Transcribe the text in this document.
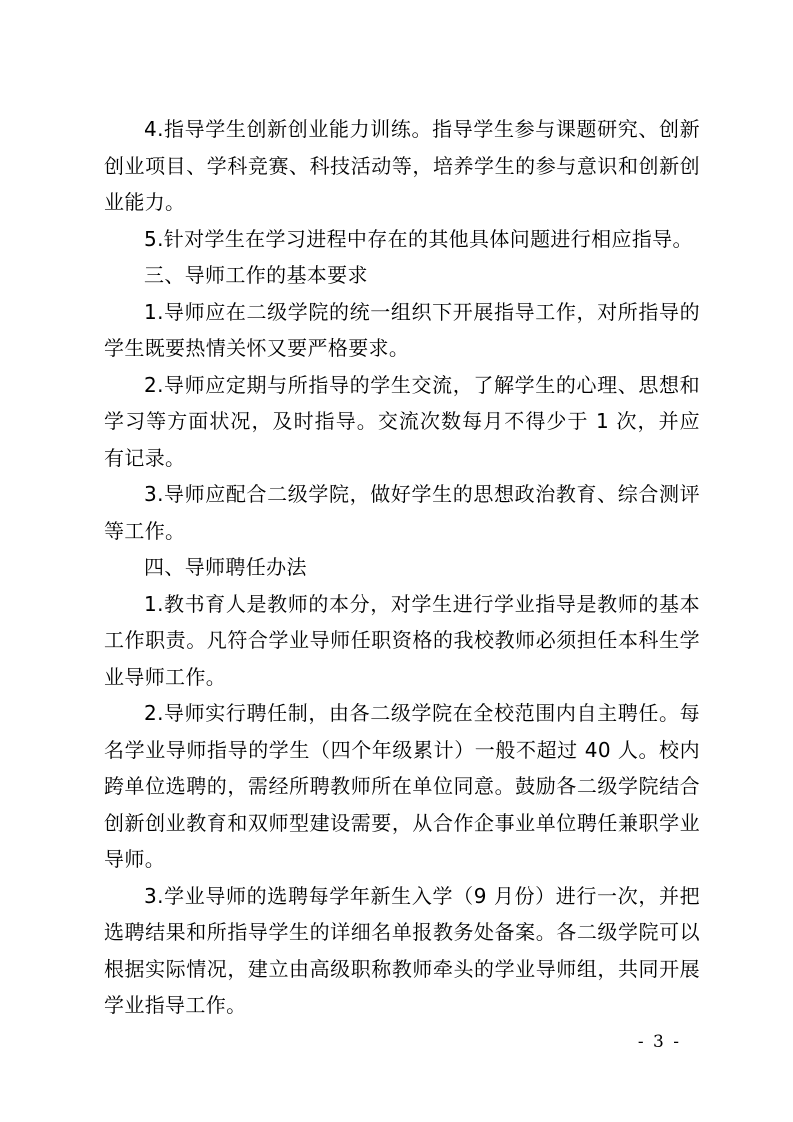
4.指导学生创新创业能力训练。指导学生参与课题研究、创新创业项目、学科竞赛、科技活动等，培养学生的参与意识和创新创业能力。

5.针对学生在学习进程中存在的其他具体问题进行相应指导。

三、导师工作的基本要求

1.导师应在二级学院的统一组织下开展指导工作，对所指导的学生既要热情关怀又要严格要求。

2.导师应定期与所指导的学生交流，了解学生的心理、思想和学习等方面状况，及时指导。交流次数每月不得少于 1 次，并应有记录。

3.导师应配合二级学院，做好学生的思想政治教育、综合测评等工作。

四、导师聘任办法

1.教书育人是教师的本分，对学生进行学业指导是教师的基本工作职责。凡符合学业导师任职资格的我校教师必须担任本科生学业导师工作。

2.导师实行聘任制，由各二级学院在全校范围内自主聘任。每名学业导师指导的学生（四个年级累计）一般不超过 40 人。校内跨单位选聘的，需经所聘教师所在单位同意。鼓励各二级学院结合创新创业教育和双师型建设需要，从合作企事业单位聘任兼职学业导师。

3.学业导师的选聘每学年新生入学（9 月份）进行一次，并把选聘结果和所指导学生的详细名单报教务处备案。各二级学院可以根据实际情况，建立由高级职称教师牵头的学业导师组，共同开展学业指导工作。

- 3 -
